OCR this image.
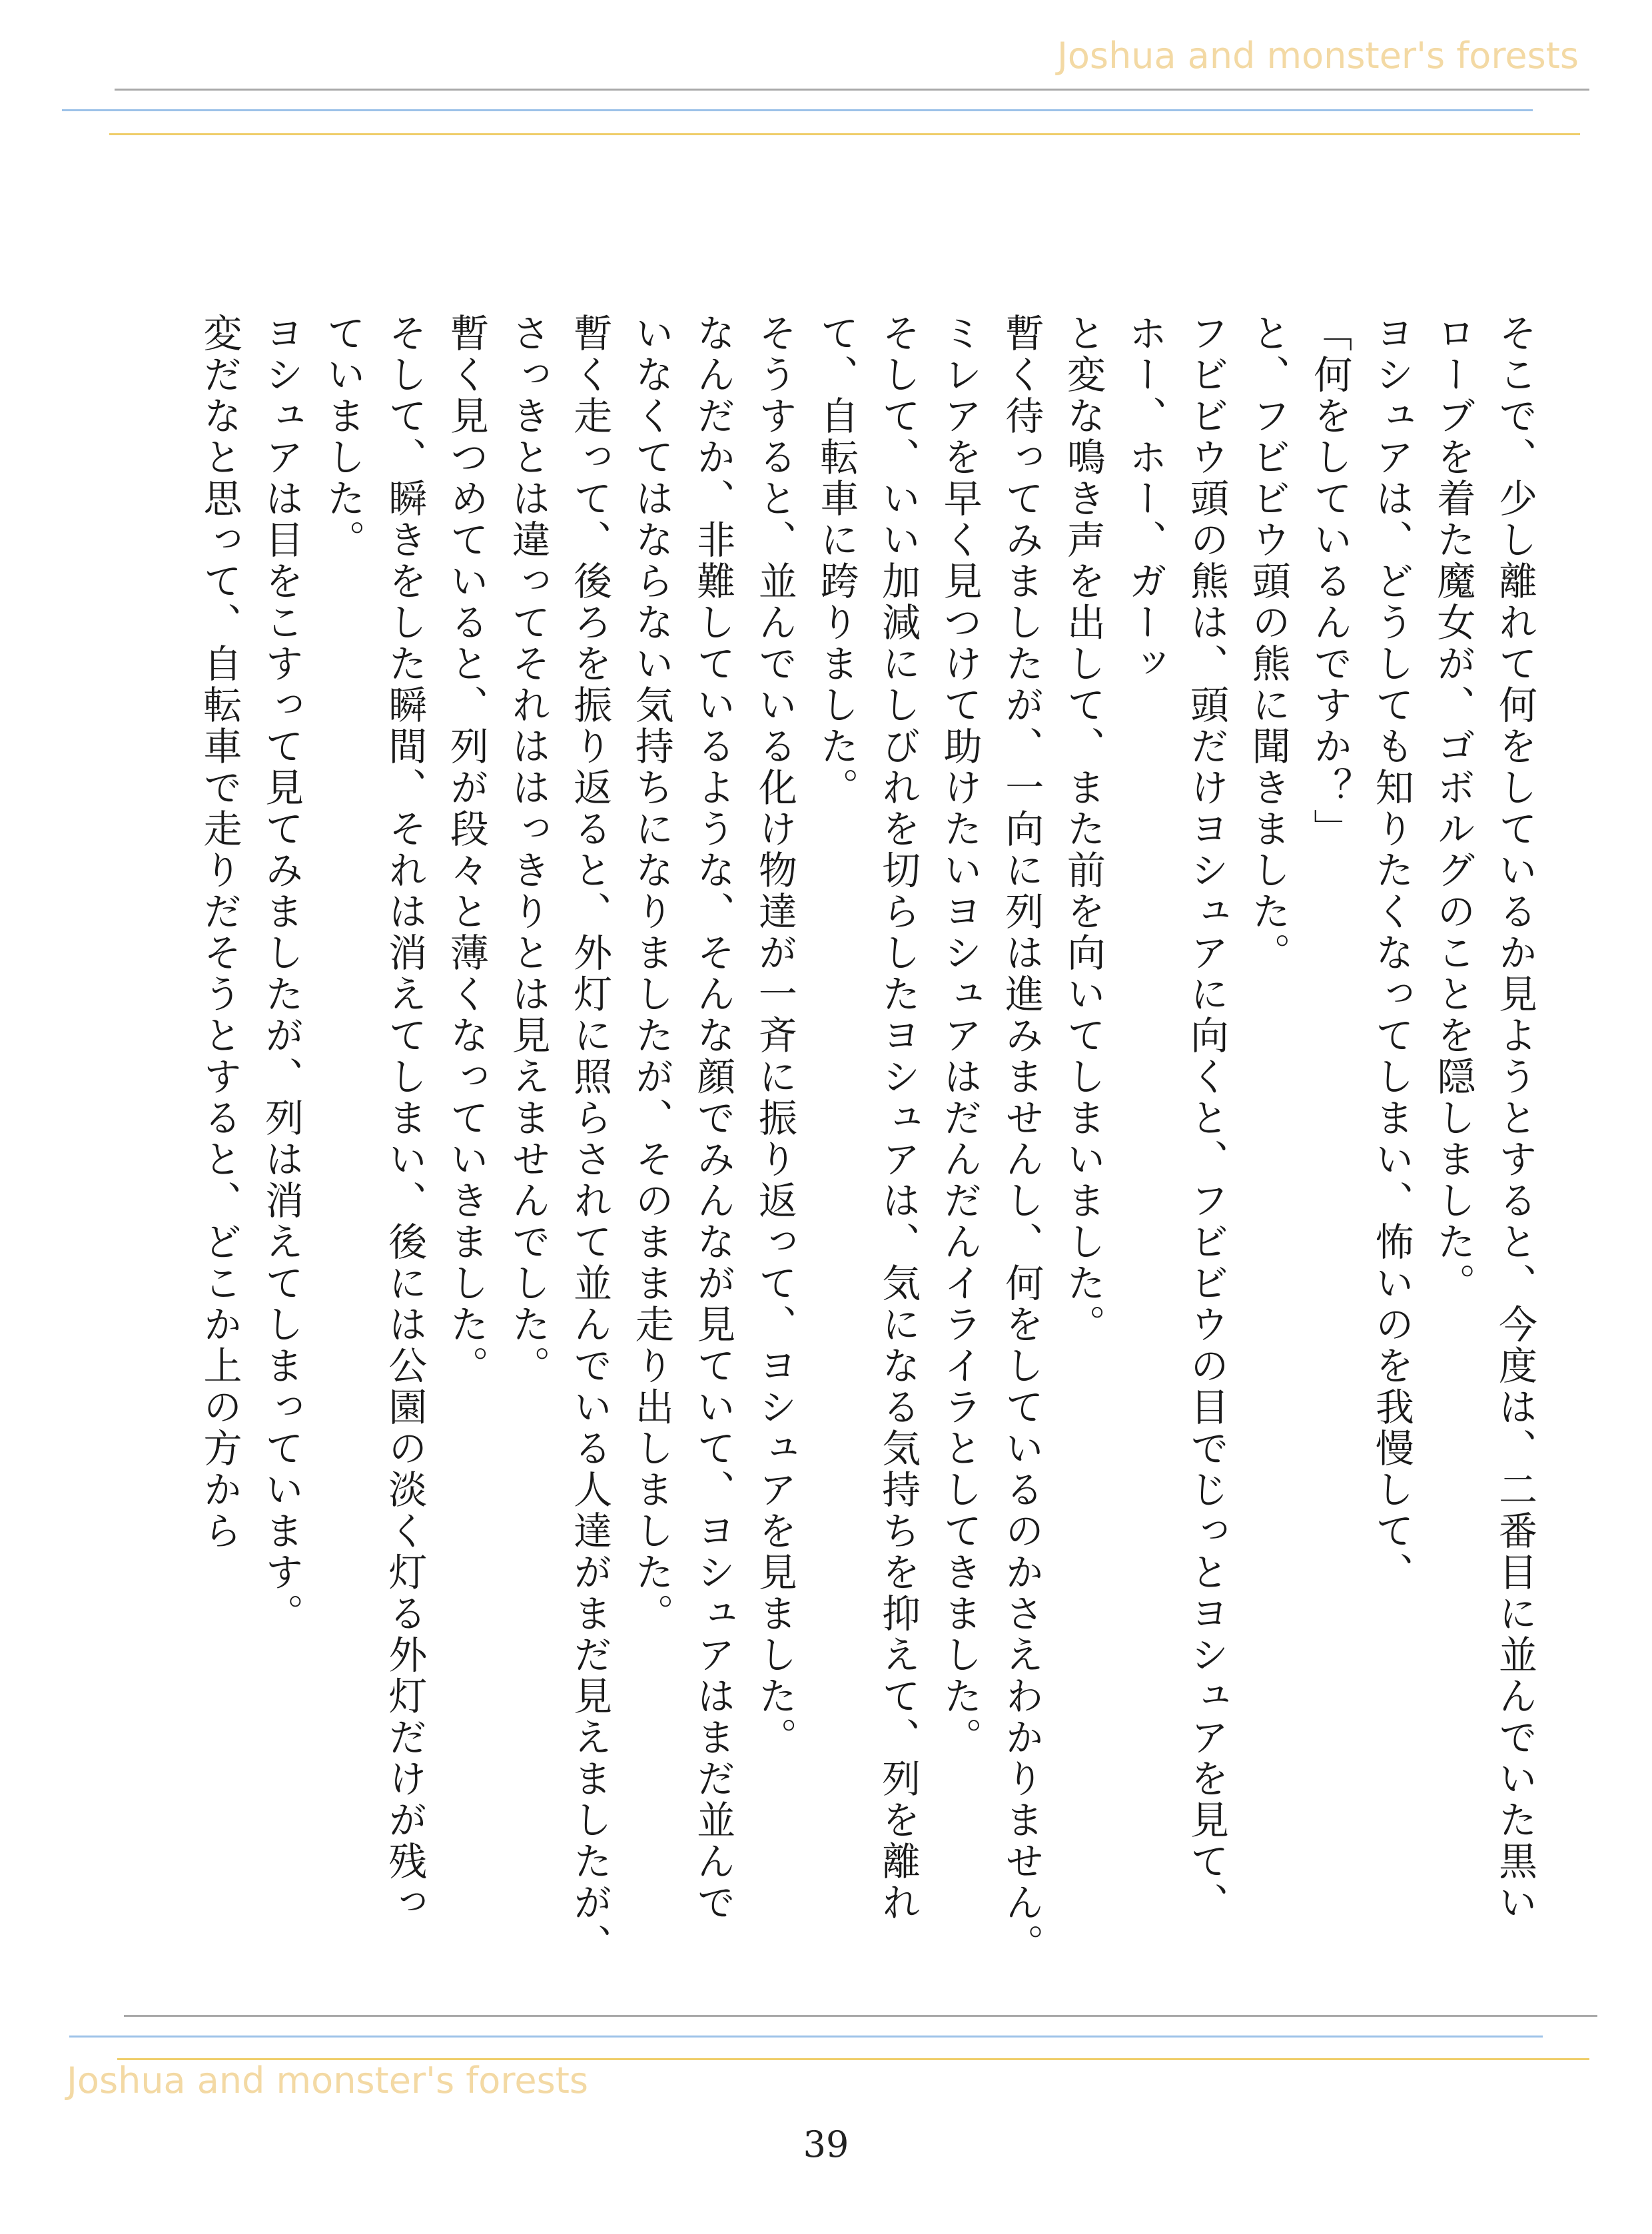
Joshua and monster's forests

そこで、少し離れて何をしているか見ようとすると、今度は、二番目に並んでいた黒い

ローブを着た魔女が、ゴボルグのことを隠しました。

ヨシュアは、どうしても知りたくなってしまい、怖いのを我慢して、

「何をしているんですか？」

と、フビビウ頭の熊に聞きました。

フビビウ頭の熊は、頭だけヨシュアに向くと、フビビウの目でじっとヨシュアを見て、

ホー、ホー、ガーッ

と変な鳴き声を出して、また前を向いてしまいました。

暫く待ってみましたが、一向に列は進みませんし、何をしているのかさえわかりません。

ミレアを早く見つけて助けたいヨシュアはだんだんイライラとしてきました。

そして、いい加減にしびれを切らしたヨシュアは、気になる気持ちを抑えて、列を離れ

て、自転車に跨りました。

そうすると、並んでいる化け物達が一斉に振り返って、ヨシュアを見ました。

なんだか、非難しているような、そんな顔でみんなが見ていて、ヨシュアはまだ並んで

いなくてはならない気持ちになりましたが、そのまま走り出しました。

暫く走って、後ろを振り返ると、外灯に照らされて並んでいる人達がまだ見えましたが、

さっきとは違ってそれははっきりとは見えませんでした。

暫く見つめていると、列が段々と薄くなっていきました。

そして、瞬きをした瞬間、それは消えてしまい、後には公園の淡く灯る外灯だけが残っ

ていました。

ヨシュアは目をこすって見てみましたが、列は消えてしまっています。

変だなと思って、自転車で走りだそうとすると、どこか上の方から

Joshua and monster's forests
39
